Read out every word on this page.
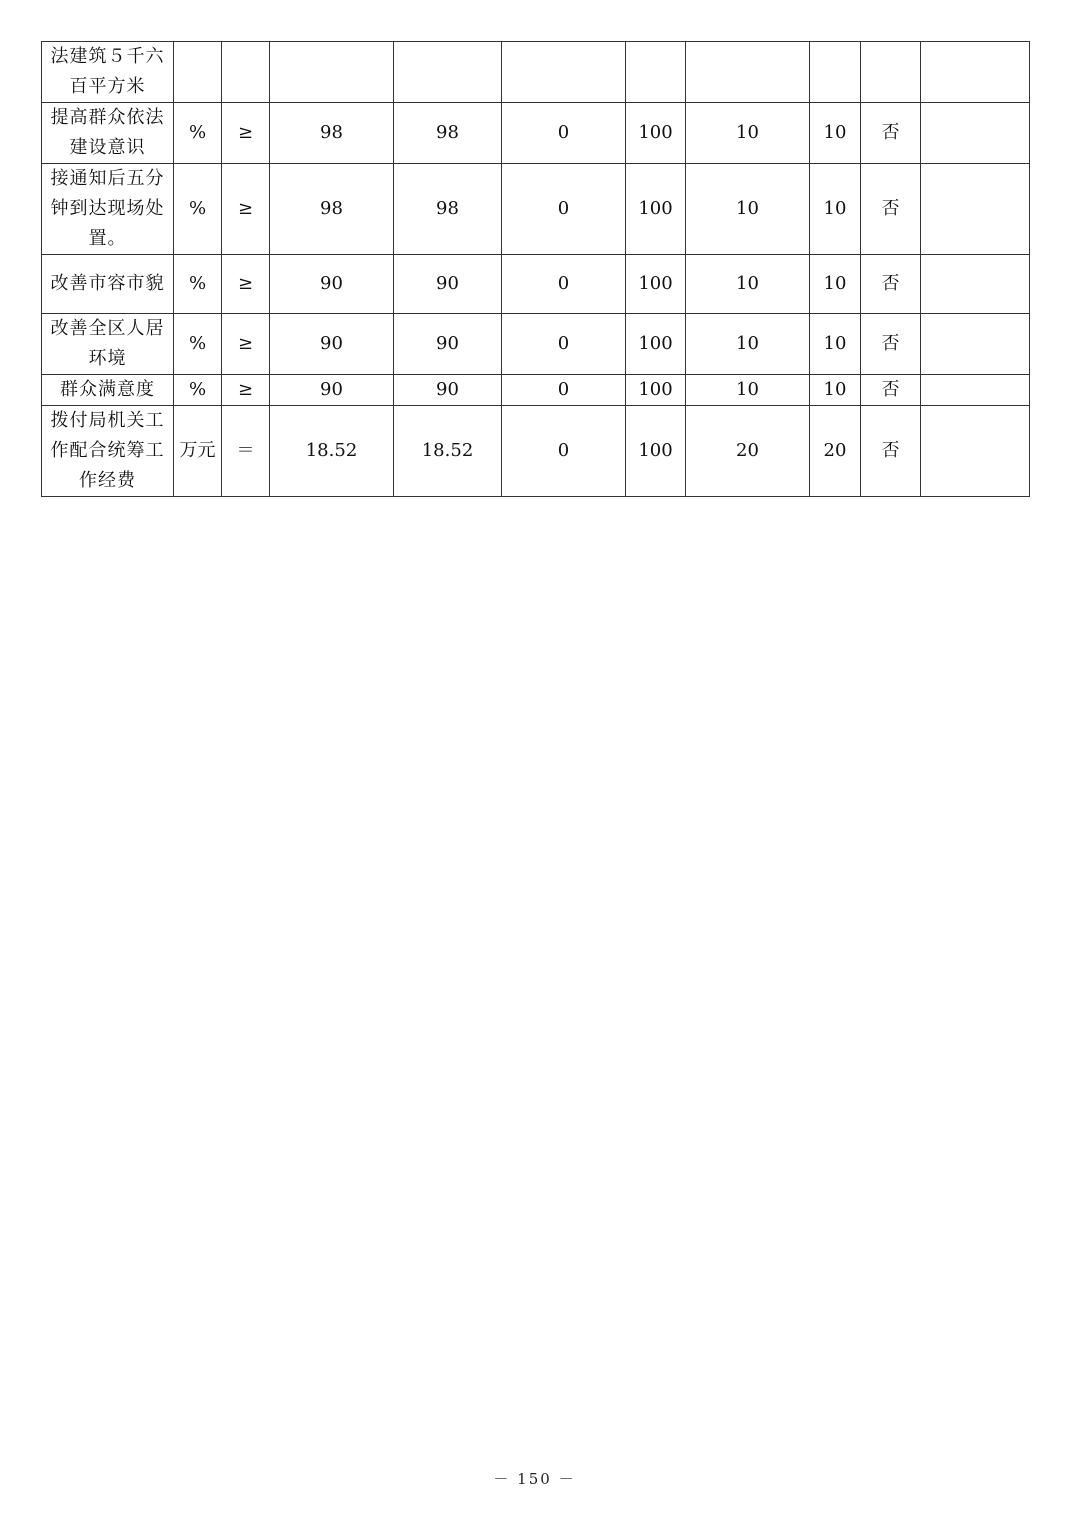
法建筑５千六百平方米										
提高群众依法建设意识	%	≥	98	98	0	100	10	10	否	
接通知后五分钟到达现场处置。	%	≥	98	98	0	100	10	10	否	
改善市容市貌	%	≥	90	90	0	100	10	10	否	
改善全区人居环境	%	≥	90	90	0	100	10	10	否	
群众满意度	%	≥	90	90	0	100	10	10	否	
拨付局机关工作配合统筹工作经费	万元	＝	18.52	18.52	0	100	20	20	否	
－ 150 －
